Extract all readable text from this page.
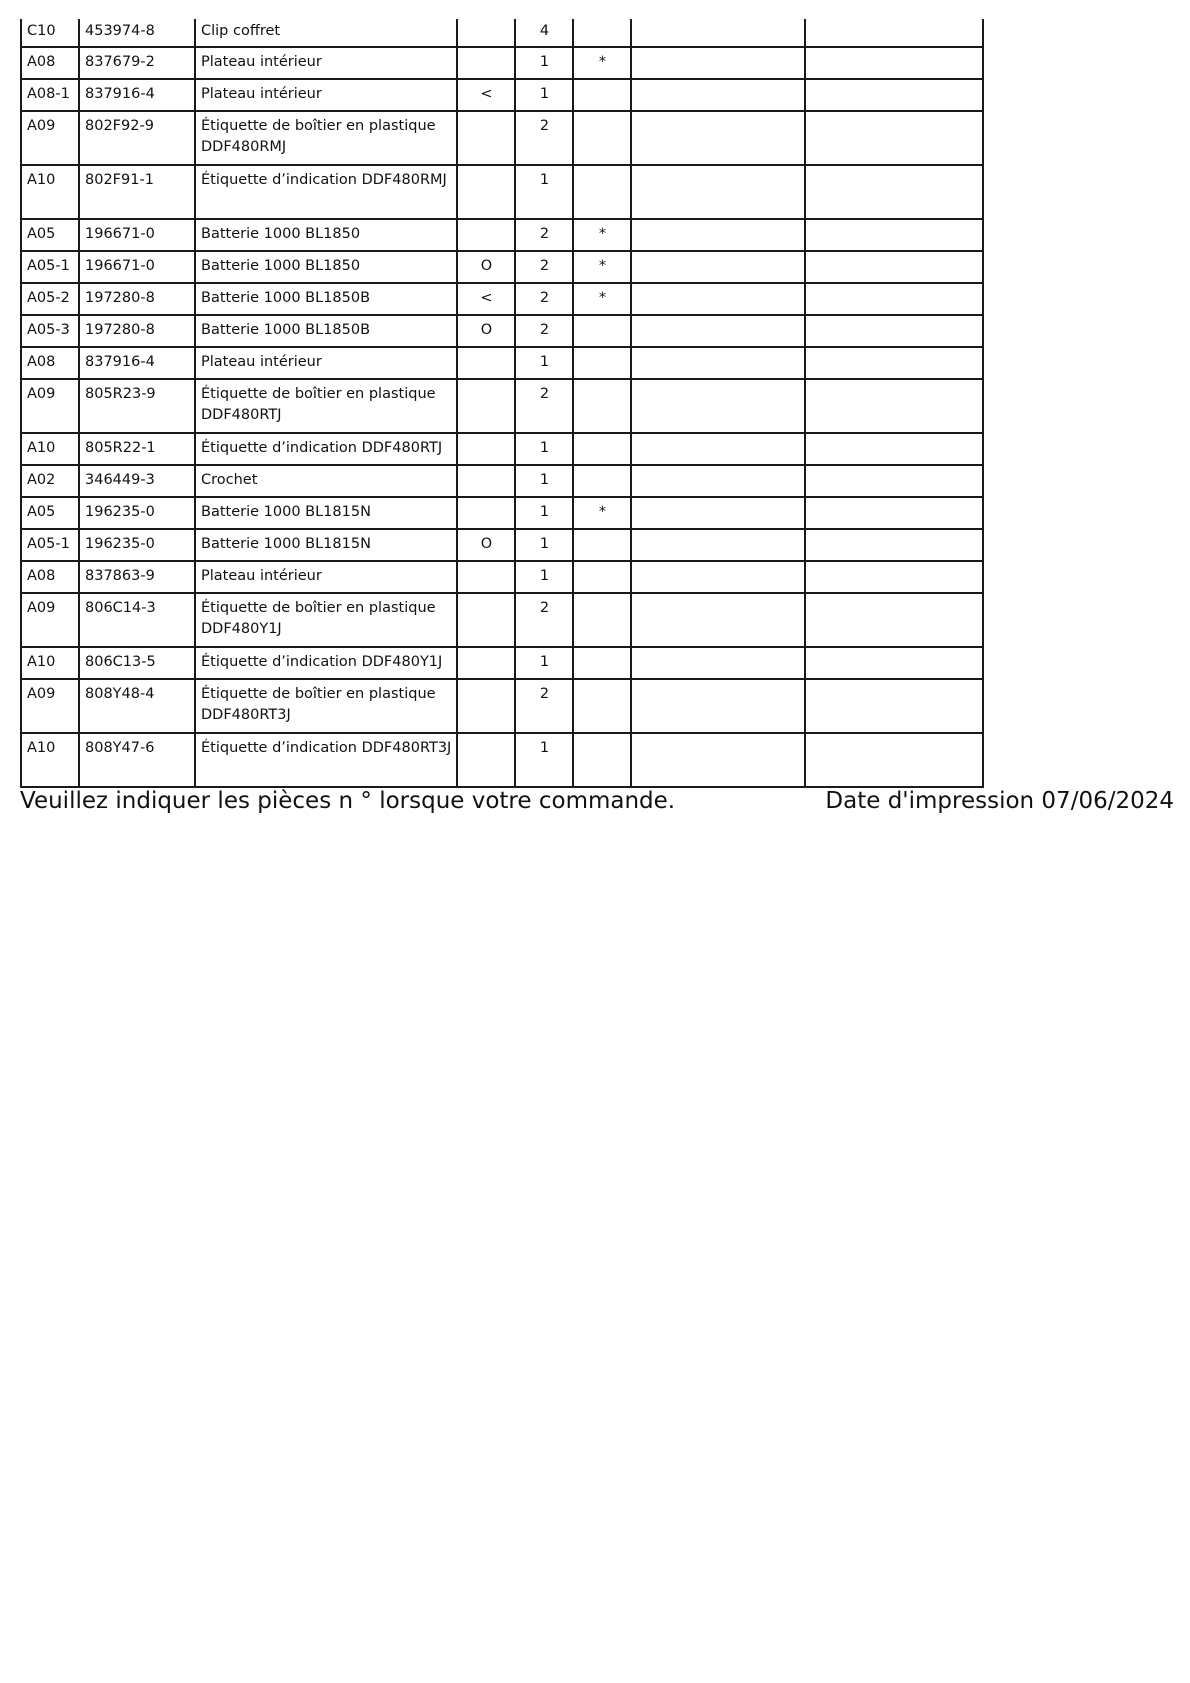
C10	453974-8	Clip coffret		4			
A08	837679-2	Plateau intérieur		1	*		
A08-1	837916-4	Plateau intérieur	<	1			
A09	802F92-9	Étiquette de boîtier en plastique DDF480RMJ		2			
A10	802F91-1	Étiquette d’indication DDF480RMJ		1			
A05	196671-0	Batterie 1000 BL1850		2	*		
A05-1	196671-0	Batterie 1000 BL1850	O	2	*		
A05-2	197280-8	Batterie 1000 BL1850B	<	2	*		
A05-3	197280-8	Batterie 1000 BL1850B	O	2			
A08	837916-4	Plateau intérieur		1			
A09	805R23-9	Étiquette de boîtier en plastique DDF480RTJ		2			
A10	805R22-1	Étiquette d’indication DDF480RTJ		1			
A02	346449-3	Crochet		1			
A05	196235-0	Batterie 1000 BL1815N		1	*		
A05-1	196235-0	Batterie 1000 BL1815N	O	1			
A08	837863-9	Plateau intérieur		1			
A09	806C14-3	Étiquette de boîtier en plastique DDF480Y1J		2			
A10	806C13-5	Étiquette d’indication DDF480Y1J		1			
A09	808Y48-4	Étiquette de boîtier en plastique DDF480RT3J		2			
A10	808Y47-6	Étiquette d’indication DDF480RT3J		1			
Veuillez indiquer les pièces n ° lorsque votre commande.	Date d'impression 07/06/2024
